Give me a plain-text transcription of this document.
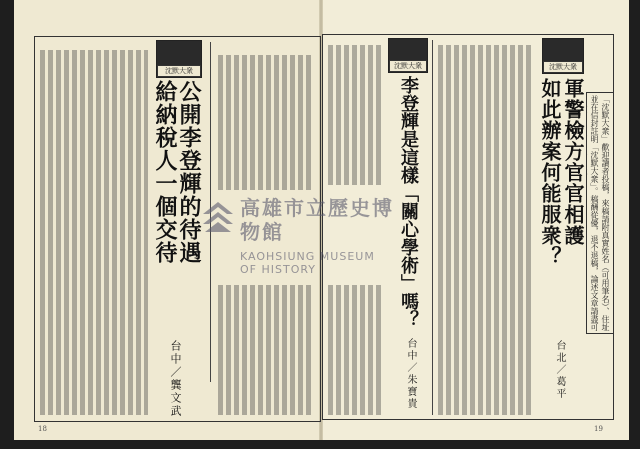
沈默大衆
公開李登輝的待遇
給納稅人一個交待
台中／龔文武
沈默大衆
李登輝是這樣「關心學術」嗎？
台中／朱寶貴
沈默大衆
軍警檢方官官相護
如此辦案何能服衆？
台北／葛平
「沈默大衆」歡迎讀者投稿，來稿請附真實姓名（可用筆名）、住址並在信封註明「沈默大衆」。稿酬從優，退不退稿，論述文章請盡可
18	19
高雄市立歷史博物館
KAOHSIUNG MUSEUM OF HISTORY
